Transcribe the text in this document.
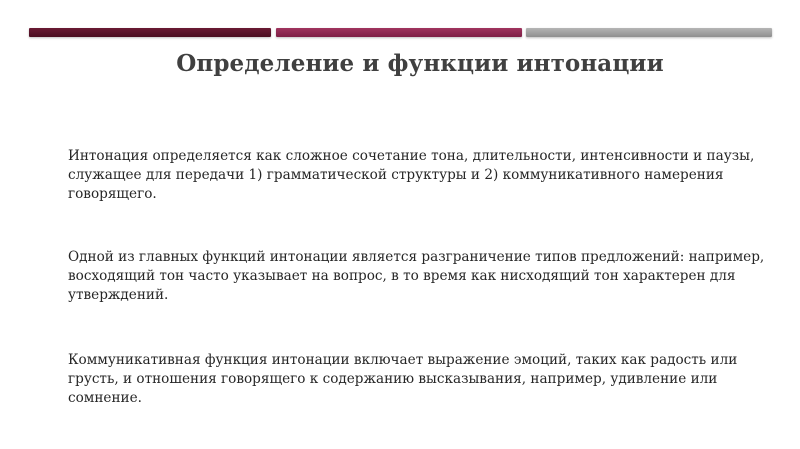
Определение и функции интонации

Интонация определяется как сложное сочетание тона, длительности, интенсивности и паузы, служащее для передачи 1) грамматической структуры и 2) коммуникативного намерения говорящего.

Одной из главных функций интонации является разграничение типов предложений: например, восходящий тон часто указывает на вопрос, в то время как нисходящий тон характерен для утверждений.

Коммуникативная функция интонации включает выражение эмоций, таких как радость или грусть, и отношения говорящего к содержанию высказывания, например, удивление или сомнение.
